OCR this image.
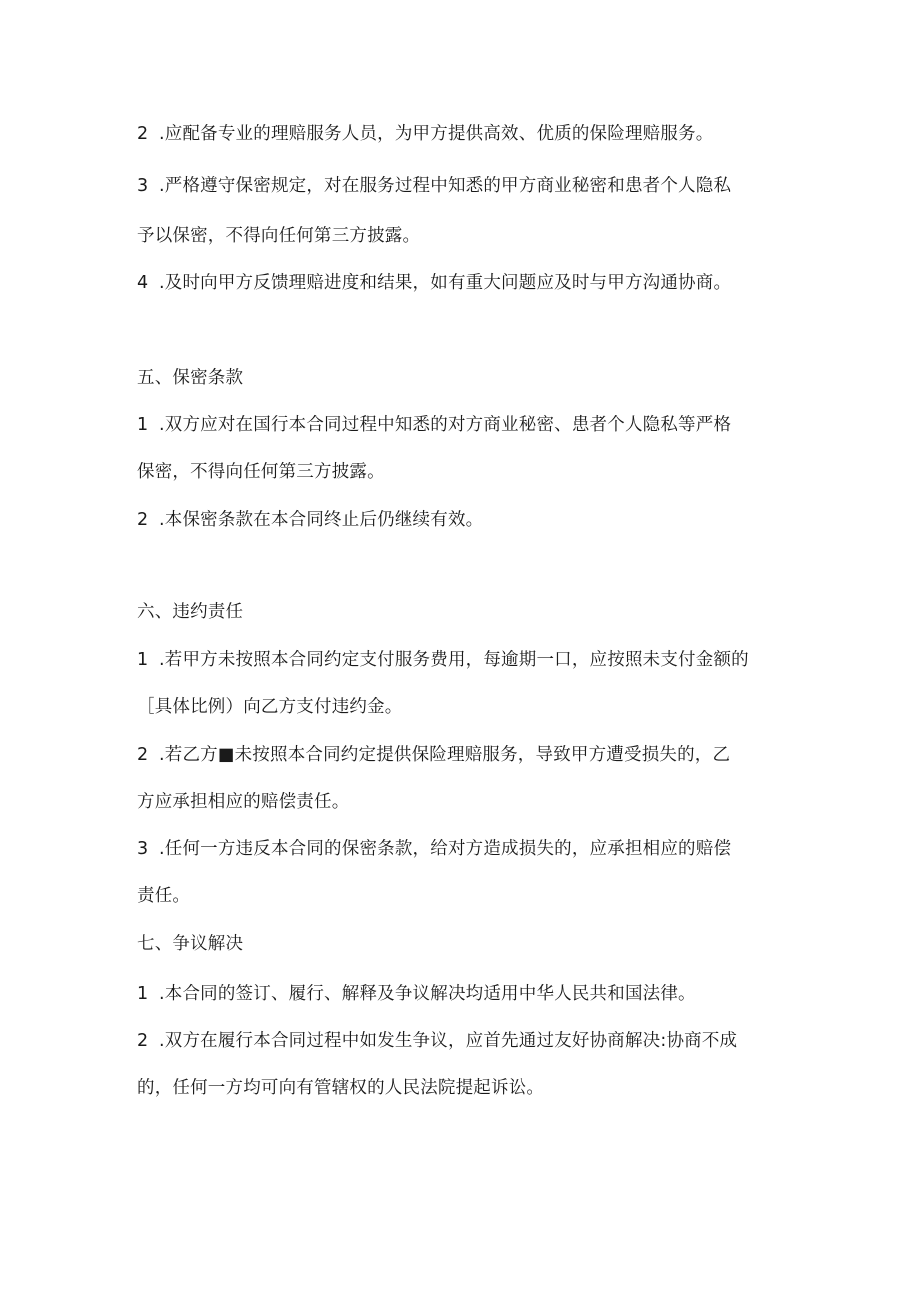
2 .应配备专业的理赔服务人员，为甲方提供高效、优质的保险理赔服务。
3 .严格遵守保密规定，对在服务过程中知悉的甲方商业秘密和患者个人隐私
予以保密，不得向任何第三方披露。
4 .及时向甲方反馈理赔进度和结果，如有重大问题应及时与甲方沟通协商。
五、保密条款
1 .双方应对在国行本合同过程中知悉的对方商业秘密、患者个人隐私等严格
保密，不得向任何第三方披露。
2 .本保密条款在本合同终止后仍继续有效。
六、违约责任
1 .若甲方未按照本合同约定支付服务费用，每逾期一口，应按照未支付金额的
［具体比例）向乙方支付违约金。
2 .若乙方■未按照本合同约定提供保险理赔服务，导致甲方遭受损失的，乙
方应承担相应的赔偿责任。
3 .任何一方违反本合同的保密条款，给对方造成损失的，应承担相应的赔偿
责任。
七、争议解决
1 .本合同的签订、履行、解释及争议解决均适用中华人民共和国法律。
2 .双方在履行本合同过程中如发生争议，应首先通过友好协商解决:协商不成
的，任何一方均可向有管辖权的人民法院提起诉讼。
